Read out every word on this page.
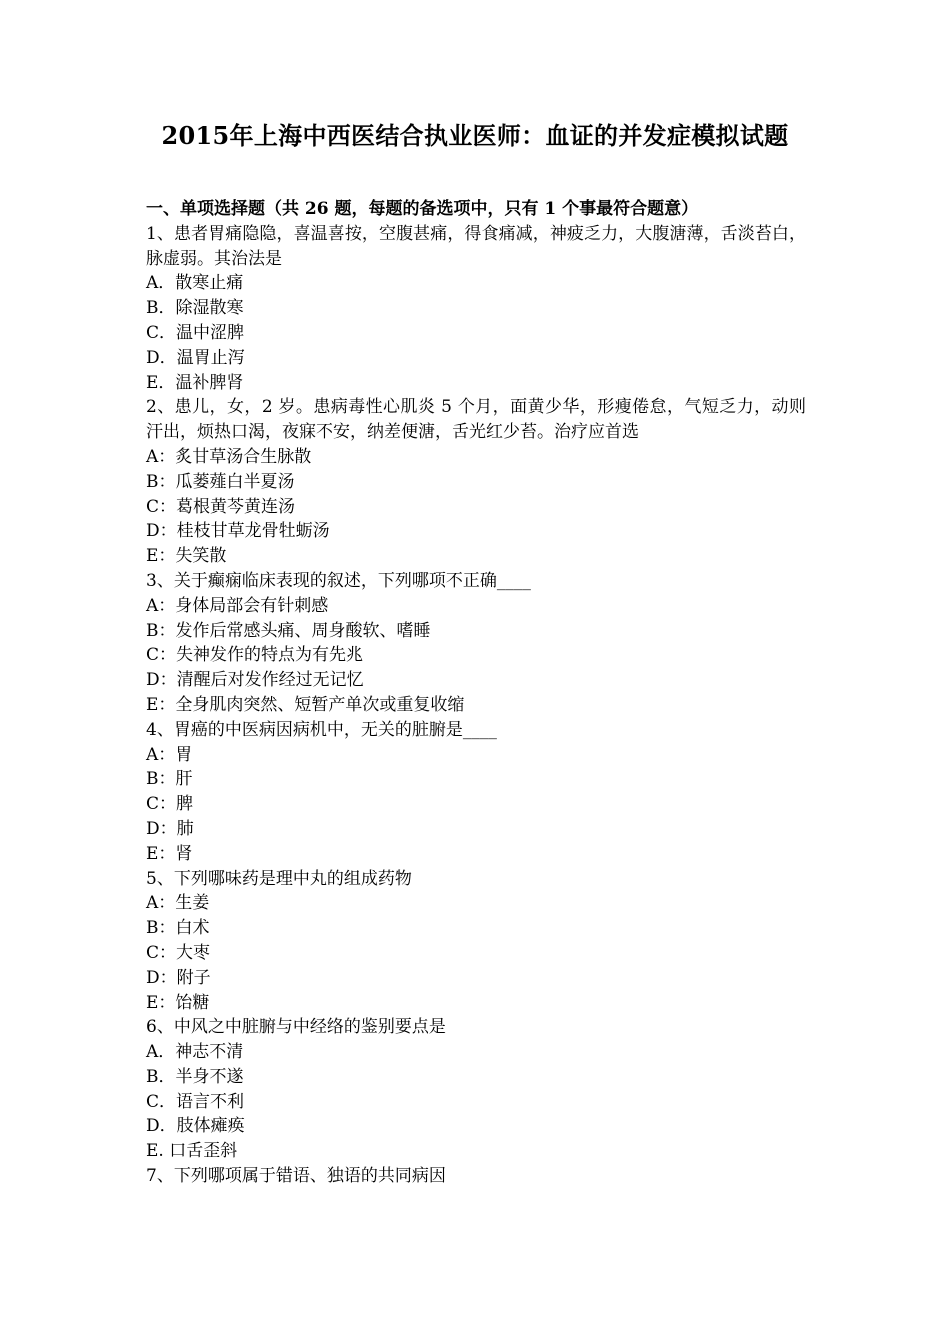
2015年上海中西医结合执业医师：血证的并发症模拟试题
一、单项选择题（共 26 题，每题的备选项中，只有 1 个事最符合题意）
1、患者胃痛隐隐，喜温喜按，空腹甚痛，得食痛减，神疲乏力，大腹溏薄，舌淡苔白，脉虚弱。其治法是
A．散寒止痛
B．除湿散寒
C．温中涩脾
D．温胃止泻
E．温补脾肾
2、患儿，女，2 岁。患病毒性心肌炎 5 个月，面黄少华，形瘦倦怠，气短乏力，动则汗出，烦热口渴，夜寐不安，纳差便溏，舌光红少苔。治疗应首选
A：炙甘草汤合生脉散
B：瓜蒌薤白半夏汤
C：葛根黄芩黄连汤
D：桂枝甘草龙骨牡蛎汤
E：失笑散
3、关于癫痫临床表现的叙述，下列哪项不正确____
A：身体局部会有针刺感
B：发作后常感头痛、周身酸软、嗜睡
C：失神发作的特点为有先兆
D：清醒后对发作经过无记忆
E：全身肌肉突然、短暂产单次或重复收缩
4、胃癌的中医病因病机中，无关的脏腑是____
A：胃
B：肝
C：脾
D：肺
E：肾
5、下列哪味药是理中丸的组成药物
A：生姜
B：白术
C：大枣
D：附子
E：饴糖
6、中风之中脏腑与中经络的鉴别要点是
A．神志不清
B．半身不遂
C．语言不利
D．肢体瘫痪
E. 口舌歪斜
7、下列哪项属于错语、独语的共同病因
